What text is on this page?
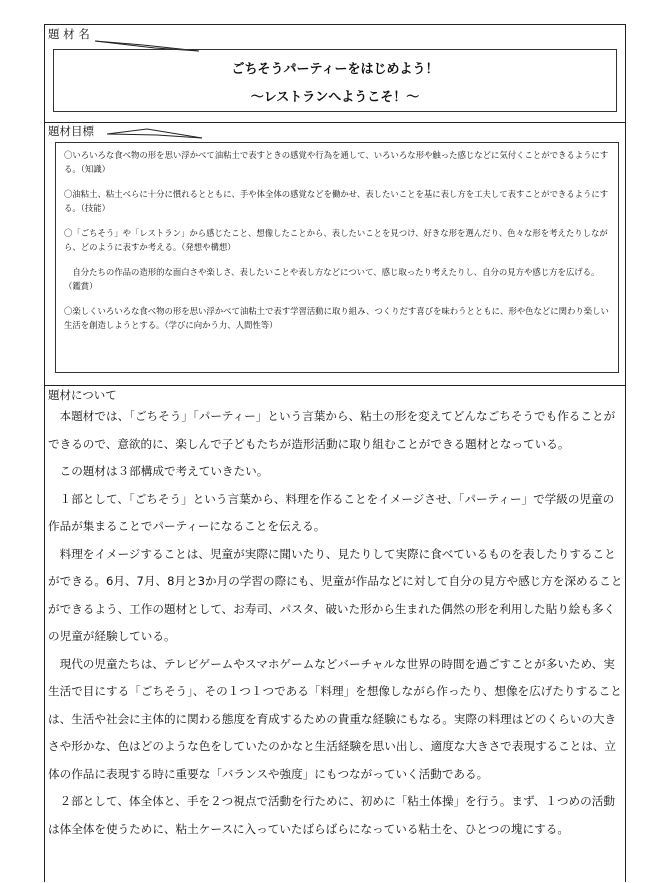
題 材 名
ごちそうパーティーをはじめよう！
～レストランへようこそ！～
題材目標

〇いろいろな食べ物の形を思い浮かべて油粘土で表すときの感覚や行為を通して、いろいろな形や触った感じなどに気付くことができるようにする。（知識）

〇油粘土、粘土べらに十分に慣れるとともに、手や体全体の感覚などを働かせ、表したいことを基に表し方を工夫して表すことができるようにする。（技能）

〇「ごちそう」や「レストラン」から感じたこと、想像したことから、表したいことを見つけ、好きな形を選んだり、色々な形を考えたりしながら、どのように表すか考える。（発想や構想）

　自分たちの作品の造形的な面白さや楽しさ、表したいことや表し方などについて、感じ取ったり考えたりし、自分の見方や感じ方を広げる。（鑑賞）

〇楽しくいろいろな食べ物の形を思い浮かべて油粘土で表す学習活動に取り組み、つくりだす喜びを味わうとともに、形や色などに関わり楽しい生活を創造しようとする。（学びに向かう力、人間性等）

題材について

　本題材では、「ごちそう」「パーティー」という言葉から、粘土の形を変えてどんなごちそうでも作ることができるので、意欲的に、楽しんで子どもたちが造形活動に取り組むことができる題材となっている。

　この題材は３部構成で考えていきたい。

　１部として、「ごちそう」という言葉から、料理を作ることをイメージさせ、「パーティー」で学級の児童の作品が集まることでパーティーになることを伝える。

　料理をイメージすることは、児童が実際に聞いたり、見たりして実際に食べているものを表したりすることができる。6月、7月、8月と3か月の学習の際にも、児童が作品などに対して自分の見方や感じ方を深めることができるよう、工作の題材として、お寿司、パスタ、破いた形から生まれた偶然の形を利用した貼り絵も多くの児童が経験している。

　現代の児童たちは、テレビゲームやスマホゲームなどバーチャルな世界の時間を過ごすことが多いため、実生活で目にする「ごちそう」、その１つ１つである「料理」を想像しながら作ったり、想像を広げたりすることは、生活や社会に主体的に関わる態度を育成するための貴重な経験にもなる。実際の料理はどのくらいの大きさや形かな、色はどのような色をしていたのかなと生活経験を思い出し、適度な大きさで表現することは、立体の作品に表現する時に重要な「バランスや強度」にもつながっていく活動である。

　２部として、体全体と、手を２つ視点で活動を行ために、初めに「粘土体操」を行う。まず、１つめの活動は体全体を使うために、粘土ケースに入っていたばらばらになっている粘土を、ひとつの塊にする。
